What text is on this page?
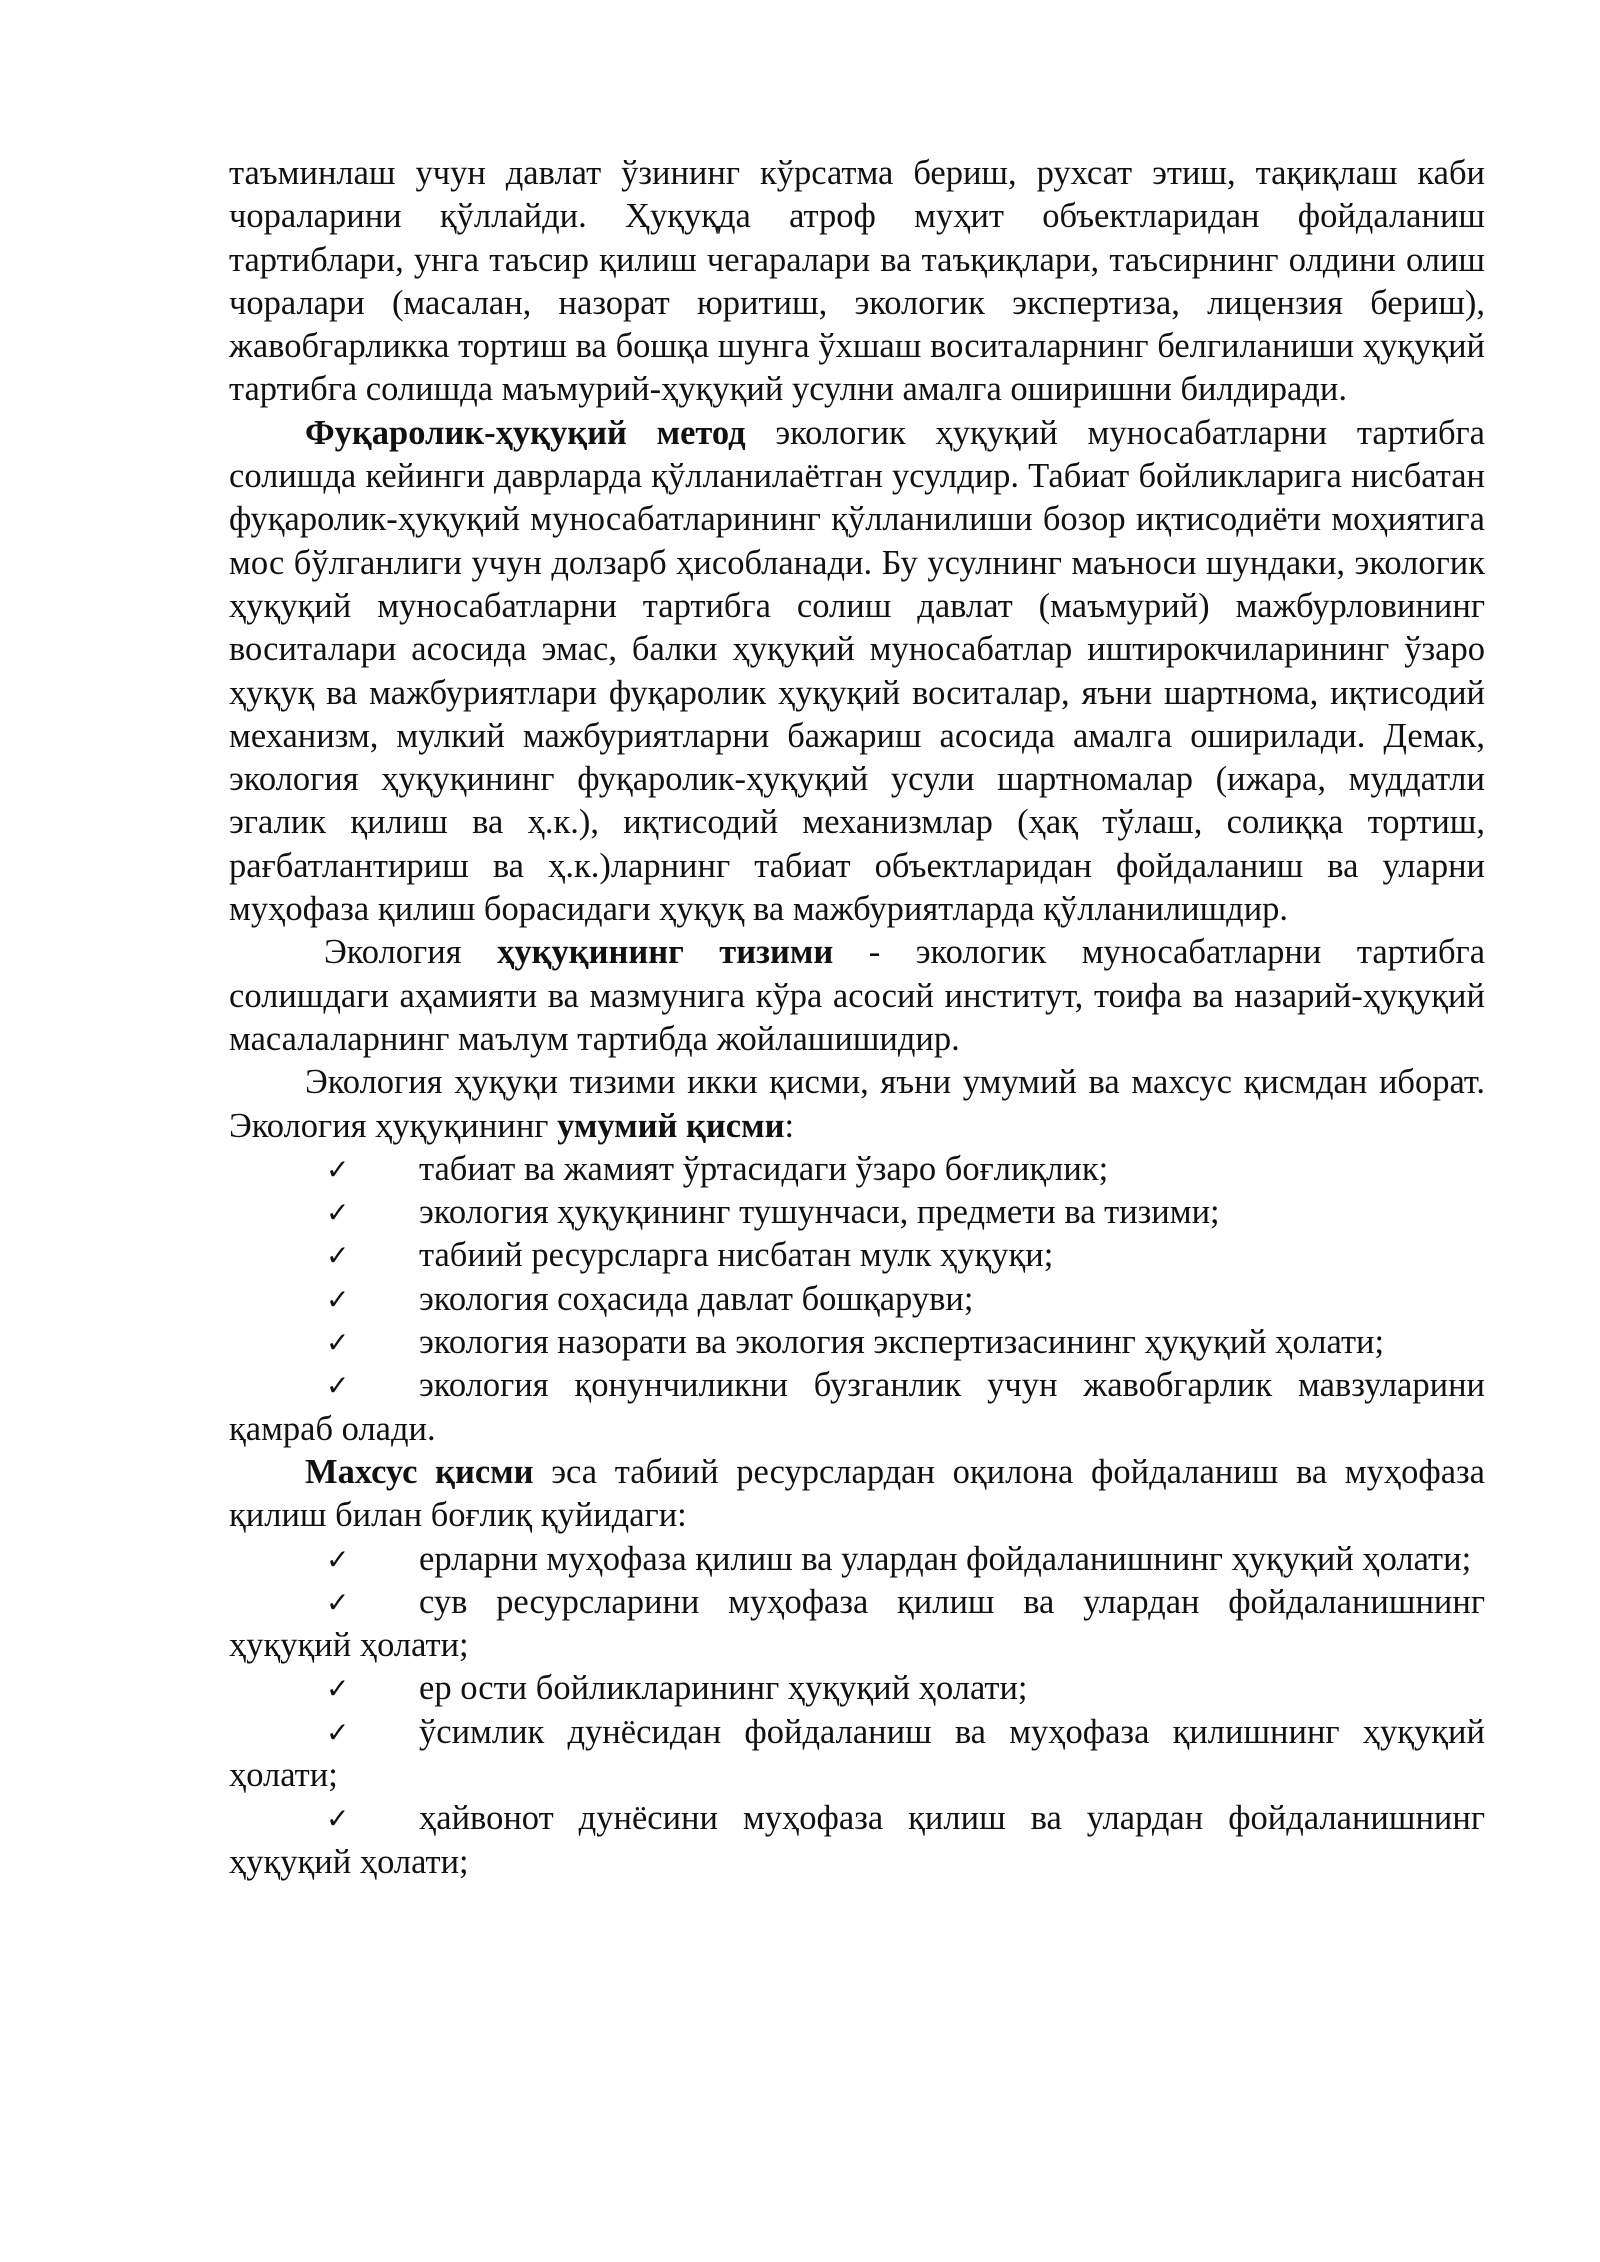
таъминлаш учун давлат ўзининг кўрсатма бериш, рухсат этиш, тақиқлаш каби чораларини қўллайди. Ҳуқуқда атроф муҳит объектларидан фойдаланиш тартиблари, унга таъсир қилиш чегаралари ва таъқиқлари, таъсирнинг олдини олиш чоралари (масалан, назорат юритиш, экологик экспертиза, лицензия бериш), жавобгарликка тортиш ва бошқа шунга ўхшаш воситаларнинг белгиланиши ҳуқуқий тартибга солишда маъмурий-ҳуқуқий усулни амалга оширишни билдиради.

Фуқаролик-ҳуқуқий метод экологик ҳуқуқий муносабатларни тартибга солишда кейинги даврларда қўлланилаётган усулдир. Табиат бойликларига нисбатан фуқаролик-ҳуқуқий муносабатларининг қўлланилиши бозор иқтисодиёти моҳиятига мос бўлганлиги учун долзарб ҳисобланади. Бу усулнинг маъноси шундаки, экологик ҳуқуқий муносабатларни тартибга солиш давлат (маъмурий) мажбурловининг воситалари асосида эмас, балки ҳуқуқий муносабатлар иштирокчиларининг ўзаро ҳуқуқ ва мажбуриятлари фуқаролик ҳуқуқий воситалар, яъни шартнома, иқтисодий механизм, мулкий мажбуриятларни бажариш асосида амалга оширилади. Демак, экология ҳуқуқининг фуқаролик-ҳуқуқий усули шартномалар (ижара, муддатли эгалик қилиш ва ҳ.к.), иқтисодий механизмлар (ҳақ тўлаш, солиққа тортиш, рағбатлантириш ва ҳ.к.)ларнинг табиат объектларидан фойдаланиш ва уларни муҳофаза қилиш борасидаги ҳуқуқ ва мажбуриятларда қўлланилишдир.

Экология ҳуқуқининг тизими - экологик муносабатларни тартибга солишдаги аҳамияти ва мазмунига кўра асосий институт, тоифа ва назарий-ҳуқуқий масалаларнинг маълум тартибда жойлашишидир.

Экология ҳуқуқи тизими икки қисми, яъни умумий ва махсус қисмдан иборат. Экология ҳуқуқининг умумий қисми:

✓ табиат ва жамият ўртасидаги ўзаро боғлиқлик;

✓ экология ҳуқуқининг тушунчаси, предмети ва тизими;

✓ табиий ресурсларга нисбатан мулк ҳуқуқи;

✓ экология соҳасида давлат бошқаруви;

✓ экология назорати ва экология экспертизасининг ҳуқуқий ҳолати;

✓ экология қонунчиликни бузганлик учун жавобгарлик мавзуларини қамраб олади.

Махсус қисми эса табиий ресурслардан оқилона фойдаланиш ва муҳофаза қилиш билан боғлиқ қуйидаги:

✓ ерларни муҳофаза қилиш ва улардан фойдаланишнинг ҳуқуқий ҳолати;

✓ сув ресурсларини муҳофаза қилиш ва улардан фойдаланишнинг ҳуқуқий ҳолати;

✓ ер ости бойликларининг ҳуқуқий ҳолати;

✓ ўсимлик дунёсидан фойдаланиш ва муҳофаза қилишнинг ҳуқуқий ҳолати;

✓ ҳайвонот дунёсини муҳофаза қилиш ва улардан фойдаланишнинг ҳуқуқий ҳолати;
